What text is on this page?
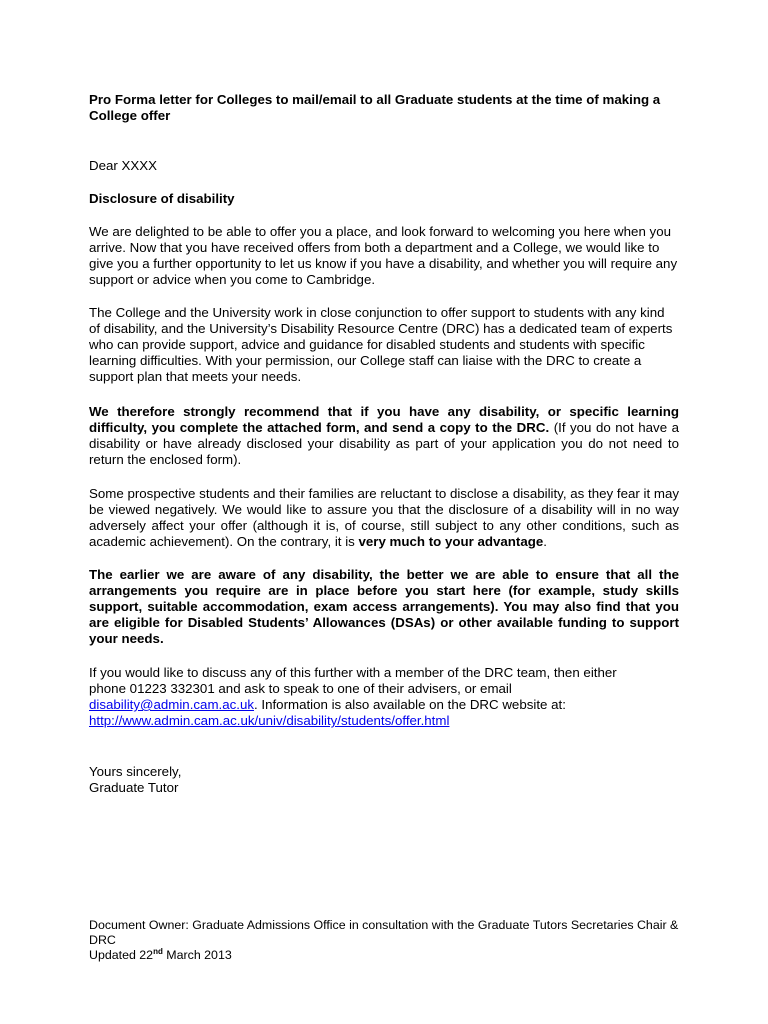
Pro Forma letter for Colleges to mail/email to all Graduate students at the time of making a College offer

Dear XXXX

Disclosure of disability

We are delighted to be able to offer you a place, and look forward to welcoming you here when you arrive. Now that you have received offers from both a department and a College, we would like to give you a further opportunity to let us know if you have a disability, and whether you will require any support or advice when you come to Cambridge.

The College and the University work in close conjunction to offer support to students with any kind of disability, and the University’s Disability Resource Centre (DRC) has a dedicated team of experts who can provide support, advice and guidance for disabled students and students with specific learning difficulties. With your permission, our College staff can liaise with the DRC to create a support plan that meets your needs.

We therefore strongly recommend that if you have any disability, or specific learning difficulty, you complete the attached form, and send a copy to the DRC. (If you do not have a disability or have already disclosed your disability as part of your application you do not need to return the enclosed form).

Some prospective students and their families are reluctant to disclose a disability, as they fear it may be viewed negatively. We would like to assure you that the disclosure of a disability will in no way adversely affect your offer (although it is, of course, still subject to any other conditions, such as academic achievement). On the contrary, it is very much to your advantage.

The earlier we are aware of any disability, the better we are able to ensure that all the arrangements you require are in place before you start here (for example, study skills support, suitable accommodation, exam access arrangements). You may also find that you are eligible for Disabled Students’ Allowances (DSAs) or other available funding to support your needs.

If you would like to discuss any of this further with a member of the DRC team, then either
phone 01223 332301 and ask to speak to one of their advisers, or email
disability@admin.cam.ac.uk. Information is also available on the DRC website at:
http://www.admin.cam.ac.uk/univ/disability/students/offer.html

Yours sincerely,
Graduate Tutor

Document Owner: Graduate Admissions Office in consultation with the Graduate Tutors Secretaries Chair & DRC
Updated 22nd March 2013
